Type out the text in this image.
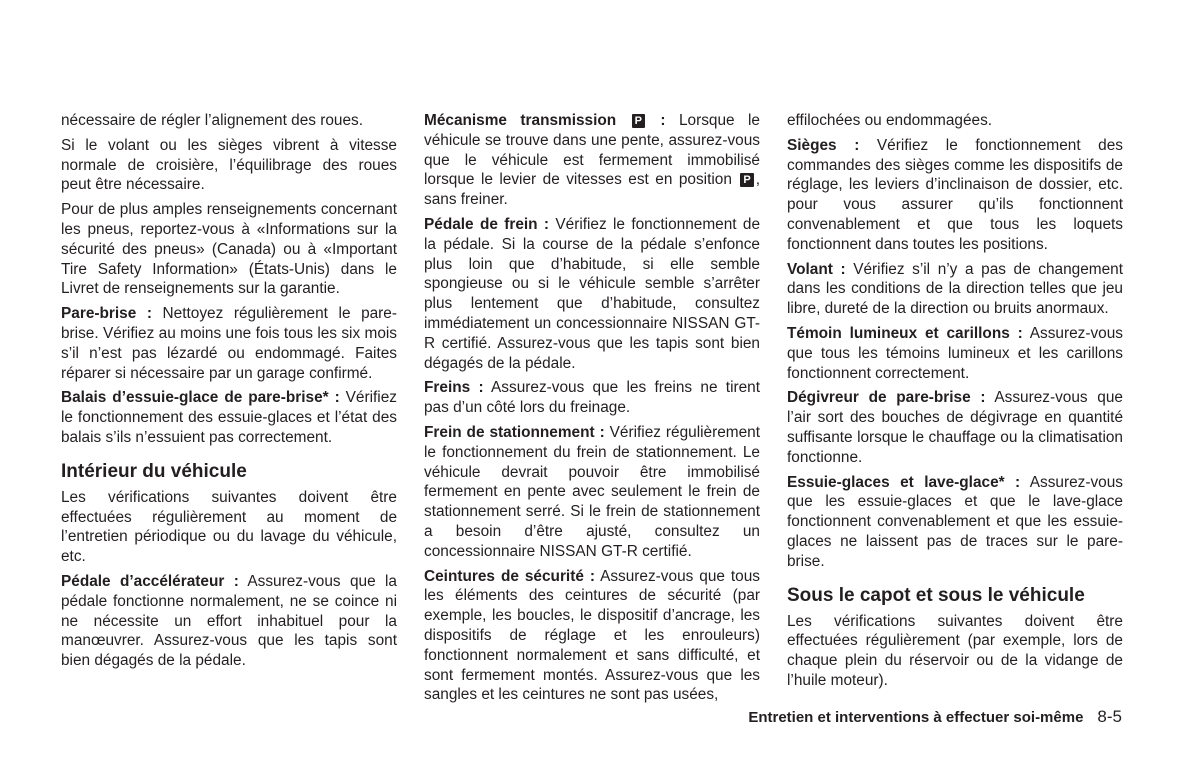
nécessaire de régler l’alignement des roues.

Si le volant ou les sièges vibrent à vitesse normale de croisière, l’équilibrage des roues peut être nécessaire.

Pour de plus amples renseignements concernant les pneus, reportez-vous à «Informations sur la sécurité des pneus» (Canada) ou à «Important Tire Safety Information» (États-Unis) dans le Livret de renseignements sur la garantie.

Pare-brise : Nettoyez régulièrement le pare-brise. Vérifiez au moins une fois tous les six mois s’il n’est pas lézardé ou endommagé. Faites réparer si nécessaire par un garage confirmé.

Balais d’essuie-glace de pare-brise* : Vérifiez le fonctionnement des essuie-glaces et l’état des balais s’ils n’essuient pas correctement.

Intérieur du véhicule

Les vérifications suivantes doivent être effectuées régulièrement au moment de l’entretien périodique ou du lavage du véhicule, etc.

Pédale d’accélérateur : Assurez-vous que la pédale fonctionne normalement, ne se coince ni ne nécessite un effort inhabituel pour la manœuvrer. Assurez-vous que les tapis sont bien dégagés de la pédale.

Mécanisme transmission P : Lorsque le véhicule se trouve dans une pente, assurez-vous que le véhicule est fermement immobilisé lorsque le levier de vitesses est en position P , sans freiner.

Pédale de frein : Vérifiez le fonctionnement de la pédale. Si la course de la pédale s’enfonce plus loin que d’habitude, si elle semble spongieuse ou si le véhicule semble s’arrêter plus lentement que d’habitude, consultez immédiatement un concessionnaire NISSAN GT-R certifié. Assurez-vous que les tapis sont bien dégagés de la pédale.

Freins : Assurez-vous que les freins ne tirent pas d’un côté lors du freinage.

Frein de stationnement : Vérifiez régulièrement le fonctionnement du frein de stationnement. Le véhicule devrait pouvoir être immobilisé fermement en pente avec seulement le frein de stationnement serré. Si le frein de stationnement a besoin d’être ajusté, consultez un concessionnaire NISSAN GT-R certifié.

Ceintures de sécurité : Assurez-vous que tous les éléments des ceintures de sécurité (par exemple, les boucles, le dispositif d’ancrage, les dispositifs de réglage et les enrouleurs) fonctionnent normalement et sans difficulté, et sont fermement montés. Assurez-vous que les sangles et les ceintures ne sont pas usées,

effilochées ou endommagées.

Sièges : Vérifiez le fonctionnement des commandes des sièges comme les dispositifs de réglage, les leviers d’inclinaison de dossier, etc. pour vous assurer qu’ils fonctionnent convenablement et que tous les loquets fonctionnent dans toutes les positions.

Volant : Vérifiez s’il n’y a pas de changement dans les conditions de la direction telles que jeu libre, dureté de la direction ou bruits anormaux.

Témoin lumineux et carillons : Assurez-vous que tous les témoins lumineux et les carillons fonctionnent correctement.

Dégivreur de pare-brise : Assurez-vous que l’air sort des bouches de dégivrage en quantité suffisante lorsque le chauffage ou la climatisation fonctionne.

Essuie-glaces et lave-glace* : Assurez-vous que les essuie-glaces et que le lave-glace fonctionnent convenablement et que les essuie-glaces ne laissent pas de traces sur le pare-brise.

Sous le capot et sous le véhicule

Les vérifications suivantes doivent être effectuées régulièrement (par exemple, lors de chaque plein du réservoir ou de la vidange de l’huile moteur).

Entretien et interventions à effectuer soi-même 8-5
